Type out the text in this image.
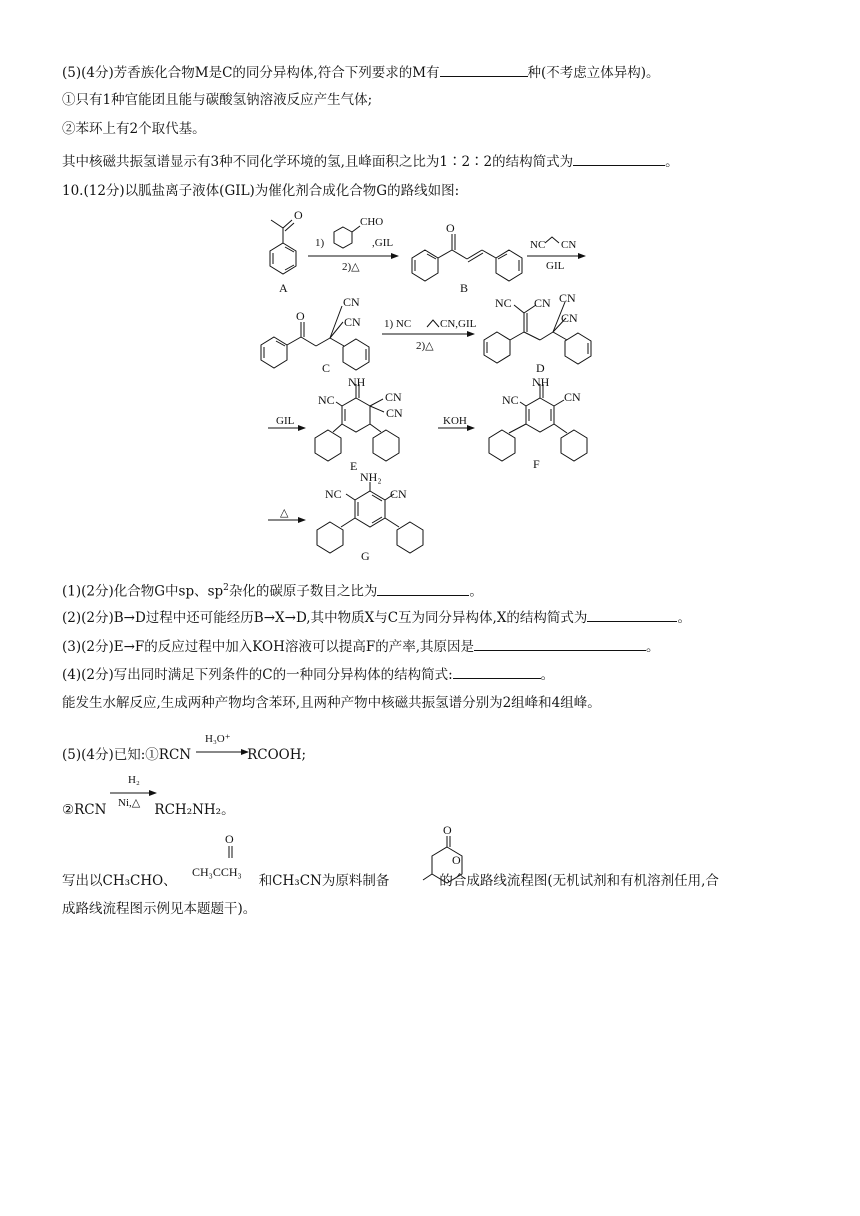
(5)(4分)芳香族化合物M是C的同分异构体,符合下列要求的M有	种(不考虑立体异构)。
①只有1种官能团且能与碳酸氢钠溶液反应产生气体;
②苯环上有2个取代基。
其中核磁共振氢谱显示有3种不同化学环境的氢,且峰面积之比为1∶2∶2的结构简式为	。
10.(12分)以胍盐离子液体(GIL)为催化剂合成化合物G的路线如图:
O
1)
CHO
,GIL
2)△
O
NC CN
GIL
O
CN
CN 1) NC	CN,GIL
2)△
NC CN CN
CN
GIL
NH
NC	CN
CN
KOH
NH
NC	CN
△
NH₂
NC	CN
A	B
C	D
E	F
G
(1)(2分)化合物G中sp、$sp^2$杂化的碳原子数目之比为	。
(2)(2分)B→D过程中还可能经历B→X→D,其中物质X与C互为同分异构体,X的结构简式为	。
(3)(2分)E→F的反应过程中加入KOH溶液可以提高F的产率,其原因是	。
(4)(2分)写出同时满足下列条件的C的一种同分异构体的结构简式:	。
能发生水解反应,生成两种产物均含苯环,且两种产物中核磁共振氢谱分别为2组峰和4组峰。
(5)(4分)已知:①RCN	RCOOH;
②RCN	RCH₂NH₂。
H₃O⁺
H₂
Ni,△
O
CH₃CCH₃
O
O
写出以CH₃CHO、	和CH₃CN为原料制备	的合成路线流程图(无机试剂和有机溶剂任用,合
成路线流程图示例见本题题干)。
